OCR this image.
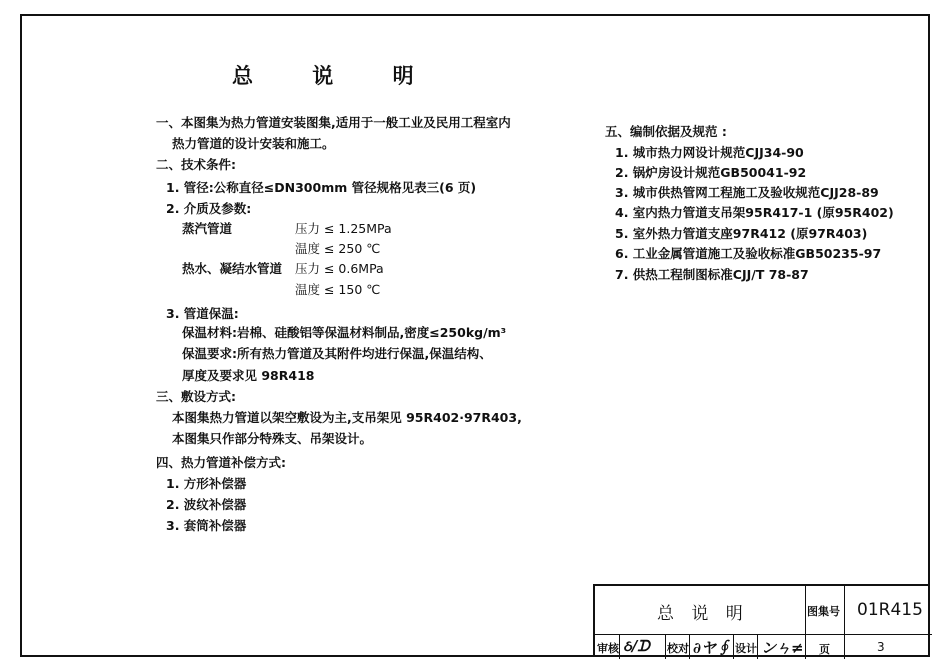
总 说 明
一、本图集为热力管道安装图集,适用于一般工业及民用工程室内
热力管道的设计安装和施工。
二、技术条件:
1. 管径:公称直径≤DN300mm 管径规格见表三(6 页)
2. 介质及参数:
蒸汽管道	压力 ≤ 1.25MPa
温度 ≤ 250 ℃
热水、凝结水管道 压力 ≤ 0.6MPa
温度 ≤ 150 ℃
3. 管道保温:
保温材料:岩棉、硅酸铝等保温材料制品,密度≤250kg/m³
保温要求:所有热力管道及其附件均进行保温,保温结构、
厚度及要求见 98R418
三、敷设方式:
本图集热力管道以架空敷设为主,支吊架见 95R402·97R403,
本图集只作部分特殊支、吊架设计。
四、热力管道补偿方式:
1. 方形补偿器
2. 波纹补偿器
3. 套筒补偿器
五、编制依据及规范 :
1. 城市热力网设计规范CJJ34-90
2. 锅炉房设计规范GB50041-92
3. 城市供热管网工程施工及验收规范CJJ28-89
4. 室内热力管道支吊架95R417-1 (原95R402)
5. 室外热力管道支座97R412 (原97R403)
6. 工业金属管道施工及验收标准GB50235-97
7. 供热工程制图标准CJJ/T 78-87
总 说 明	图集号 01R415
审核 ઠ/ᗪ 校对 ∂ヤ∮ 设计 ンㄣ≠ 页	3
